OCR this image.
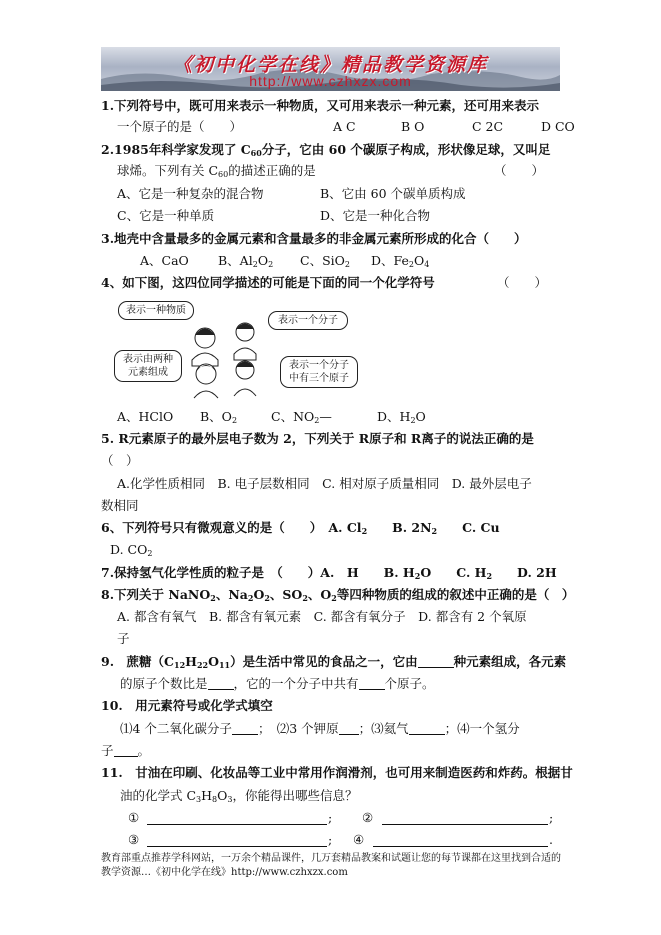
《初中化学在线》精品教学资源库
http://www.czhxzx.com
1.下列符号中，既可用来表示一种物质，又可用来表示一种元素，还可用来表示
一个原子的是（　　）	A C	B O	C 2C	D CO
2.1985年科学家发现了 $C_{60}$分子，它由 60 个碳原子构成，形状像足球，又叫足
球烯。下列有关 $C_{60}$的描述正确的是	（　　）
A、它是一种复杂的混合物	B、它由 60 个碳单质构成
C、它是一种单质	D、它是一种化合物
3.地壳中含量最多的金属元素和含量最多的非金属元素所形成的化合（　　）
A、CaO B、$Al_2O_2$ C、SiO$_2$ D、$Fe_2O_4$
4、如下图，这四位同学描述的可能是下面的同一个化学符号	（　　）
表示一种物质
表示一个分子
表示由两种元素组成
表示一个分子中有三个原子
A、HClO B、$O_2$	C、$NO_2—$	D、$H_2O$
5. R元素原子的最外层电子数为 2，下列关于 R原子和 R离子的说法正确的是
（　）
A.化学性质相同　B. 电子层数相同　C. 相对原子质量相同　D. 最外层电子
数相同
6、下列符号只有微观意义的是（　　）　A. $Cl_2$　　B. $2N_2$　　C. Cu
D. $CO_2$
7.保持氢气化学性质的粒子是　（　　）A.　H　　B. $H_2O$　　C. $H_2$　　D. 2H
8.下列关于 NaNO$_2$、$Na_2O_2$、$SO_2$、$O_2$等四种物质的组成的叙述中正确的是（　）
A. 都含有氧气　B. 都含有氧元素　C. 都含有氧分子　D. 都含有 2 个氧原
子
9.　蔗糖$(C_{12}H_{22}O_{11})$是生活中常见的食品之一，它由	种元素组成，各元素
的原子个数比是 ，它的一个分子中共有 个原子。
10.　用元素符号或化学式填空
⑴4 个二氧化碳分子 ；　⑵3 个钾原 ；⑶氦气	；⑷一个氢分
子 。
11.　甘油在印刷、化妆品等工业中常用作润滑剂，也可用来制造医药和炸药。根据甘
油的化学式 $C_3H_8O_3$，你能得出哪些信息？
①	; ②	;
③	; ④	.
教育部重点推荐学科网站，一万余个精品课件，几万套精品教案和试题让您的每节课都在这里找到合适的
教学资源…《初中化学在线》http://www.czhxzx.com
